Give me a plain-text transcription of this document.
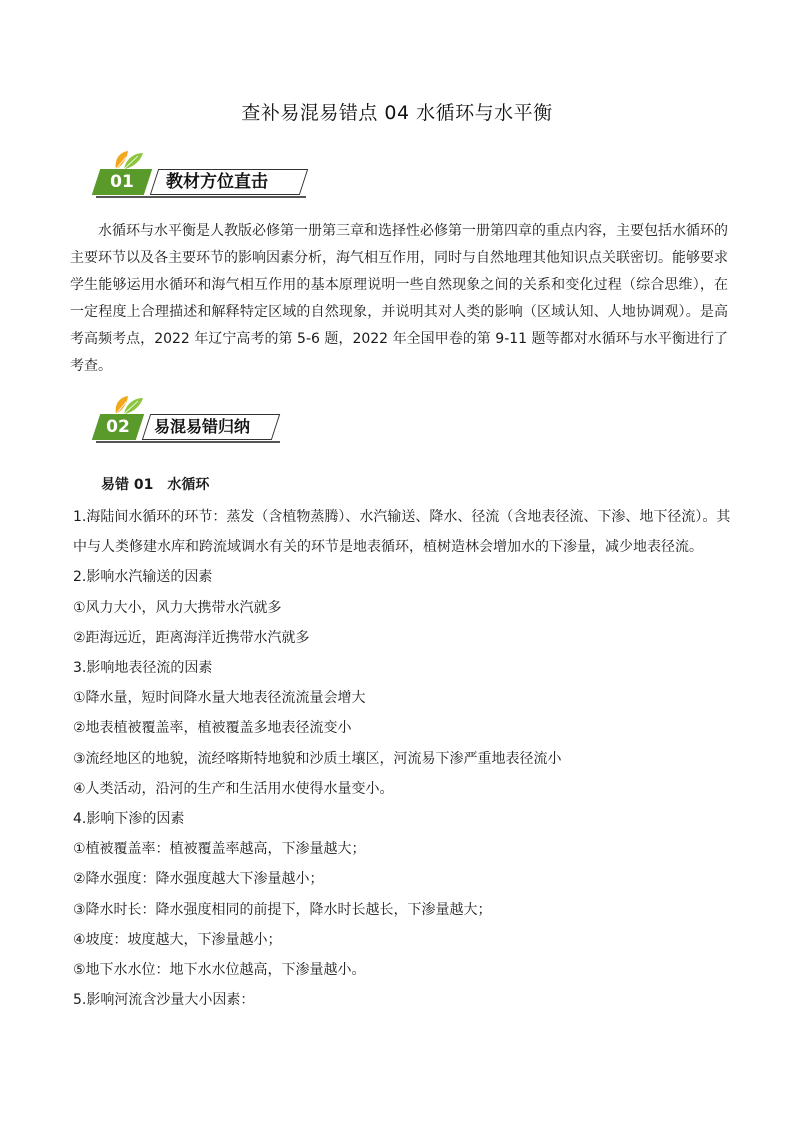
查补易混易错点 04 水循环与水平衡
01	教材方位直击
水循环与水平衡是人教版必修第一册第三章和选择性必修第一册第四章的重点内容，主要包括水循环的主要环节以及各主要环节的影响因素分析，海气相互作用，同时与自然地理其他知识点关联密切。能够要求学生能够运用水循环和海气相互作用的基本原理说明一些自然现象之间的关系和变化过程（综合思维），在一定程度上合理描述和解释特定区域的自然现象，并说明其对人类的影响（区域认知、人地协调观）。是高考高频考点，2022 年辽宁高考的第 5-6 题，2022 年全国甲卷的第 9-11 题等都对水循环与水平衡进行了考查。
02	易混易错归纳
易错 01 水循环
1.海陆间水循环的环节：蒸发（含植物蒸腾）、水汽输送、降水、径流（含地表径流、下渗、地下径流）。其
中与人类修建水库和跨流域调水有关的环节是地表循环，植树造林会增加水的下渗量，减少地表径流。
2.影响水汽输送的因素
①风力大小，风力大携带水汽就多
②距海远近，距离海洋近携带水汽就多
3.影响地表径流的因素
①降水量，短时间降水量大地表径流流量会增大
②地表植被覆盖率，植被覆盖多地表径流变小
③流经地区的地貌，流经喀斯特地貌和沙质土壤区，河流易下渗严重地表径流小
④人类活动，沿河的生产和生活用水使得水量变小。
4.影响下渗的因素
①植被覆盖率：植被覆盖率越高，下渗量越大；
②降水强度：降水强度越大下渗量越小；
③降水时长：降水强度相同的前提下，降水时长越长，下渗量越大；
④坡度：坡度越大，下渗量越小；
⑤地下水水位：地下水水位越高，下渗量越小。
5.影响河流含沙量大小因素：
